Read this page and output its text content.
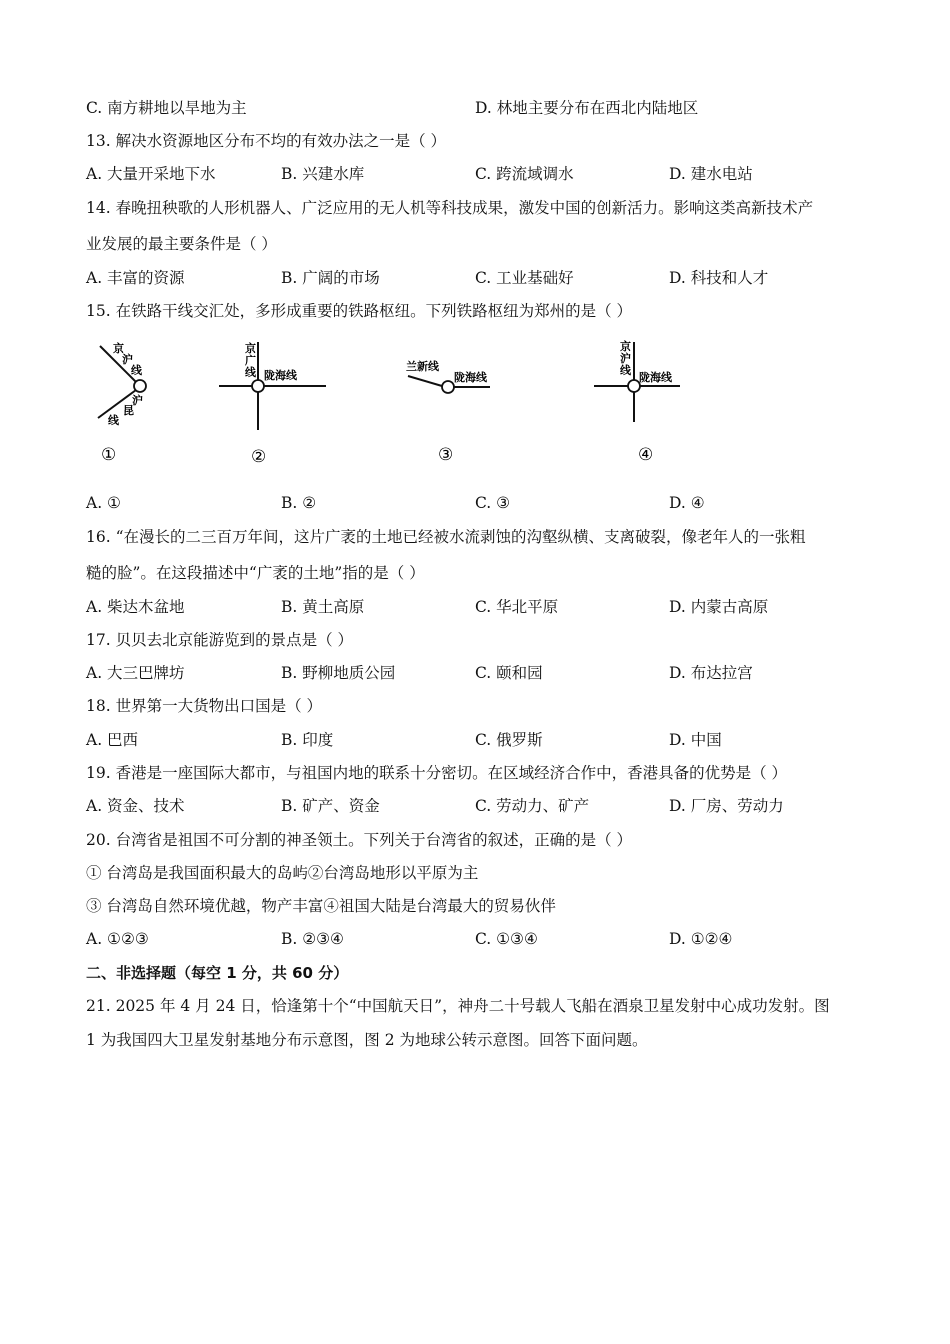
C. 南方耕地以旱地为主	D. 林地主要分布在西北内陆地区
13. 解决水资源地区分布不均的有效办法之一是（ ）
A. 大量开采地下水	B. 兴建水库	C. 跨流域调水	D. 建水电站
14. 春晚扭秧歌的人形机器人、广泛应用的无人机等科技成果，激发中国的创新活力。影响这类高新技术产
业发展的最主要条件是（ ）
A. 丰富的资源	B. 广阔的市场	C. 工业基础好	D. 科技和人才
15. 在铁路干线交汇处，多形成重要的铁路枢纽。下列铁路枢纽为郑州的是（ ）
京
沪
线
沪
昆
线
①
京
广
线 陇海线
②
兰新线
陇海线
③
京
沪
线
陇海线
④
A. ①	B. ②	C. ③	D. ④
16. “在漫长的二三百万年间，这片广袤的土地已经被水流剥蚀的沟壑纵横、支离破裂，像老年人的一张粗
糙的脸”。在这段描述中“广袤的土地”指的是（ ）
A. 柴达木盆地	B. 黄土高原	C. 华北平原	D. 内蒙古高原
17. 贝贝去北京能游览到的景点是（ ）
A. 大三巴牌坊	B. 野柳地质公园	C. 颐和园	D. 布达拉宫
18. 世界第一大货物出口国是（ ）
A. 巴西	B. 印度	C. 俄罗斯	D. 中国
19. 香港是一座国际大都市，与祖国内地的联系十分密切。在区域经济合作中，香港具备的优势是（ ）
A. 资金、技术	B. 矿产、资金	C. 劳动力、矿产	D. 厂房、劳动力
20. 台湾省是祖国不可分割的神圣领土。下列关于台湾省的叙述，正确的是（ ）
① 台湾岛是我国面积最大的岛屿②台湾岛地形以平原为主
③ 台湾岛自然环境优越，物产丰富④祖国大陆是台湾最大的贸易伙伴
A. ①②③	B. ②③④	C. ①③④	D. ①②④
二、非选择题（每空 1 分，共 60 分）
21. 2025 年 4 月 24 日，恰逢第十个“中国航天日”，神舟二十号载人飞船在酒泉卫星发射中心成功发射。图
1 为我国四大卫星发射基地分布示意图，图 2 为地球公转示意图。回答下面问题。
